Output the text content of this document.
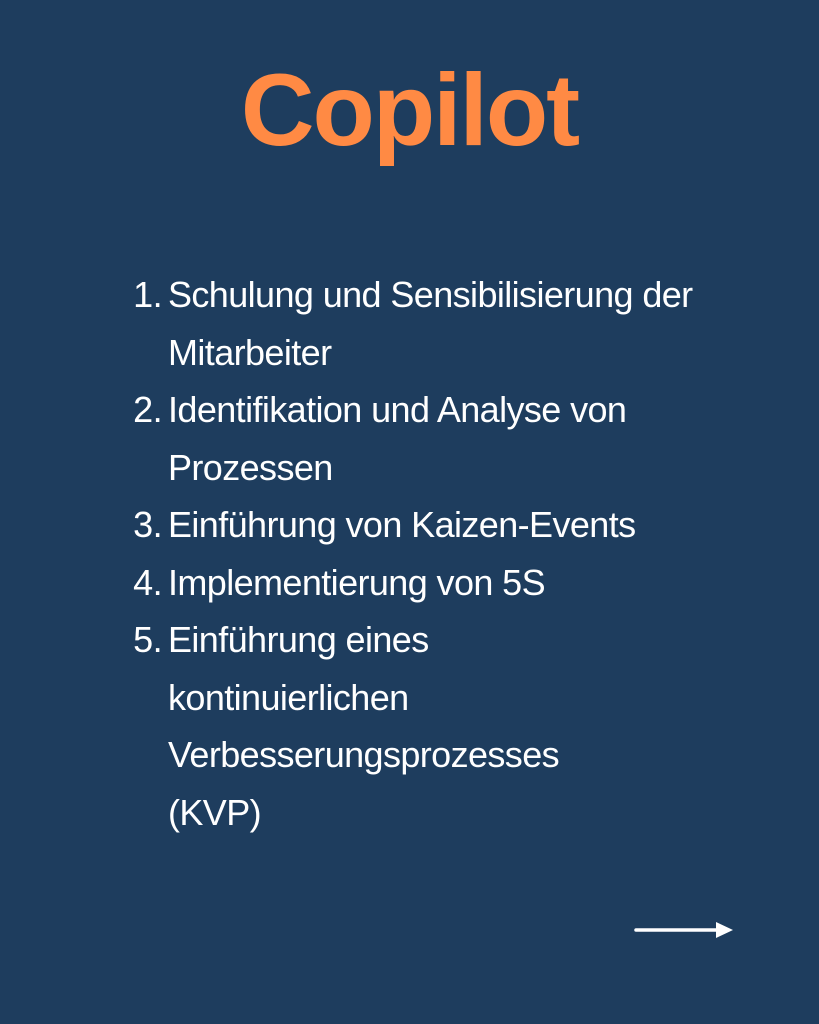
Copilot
1. Schulung und Sensibilisierung der Mitarbeiter
2. Identifikation und Analyse von Prozessen
3. Einführung von Kaizen-Events
4. Implementierung von 5S
5. Einführung eines kontinuierlichen Verbesserungsprozesses (KVP)
